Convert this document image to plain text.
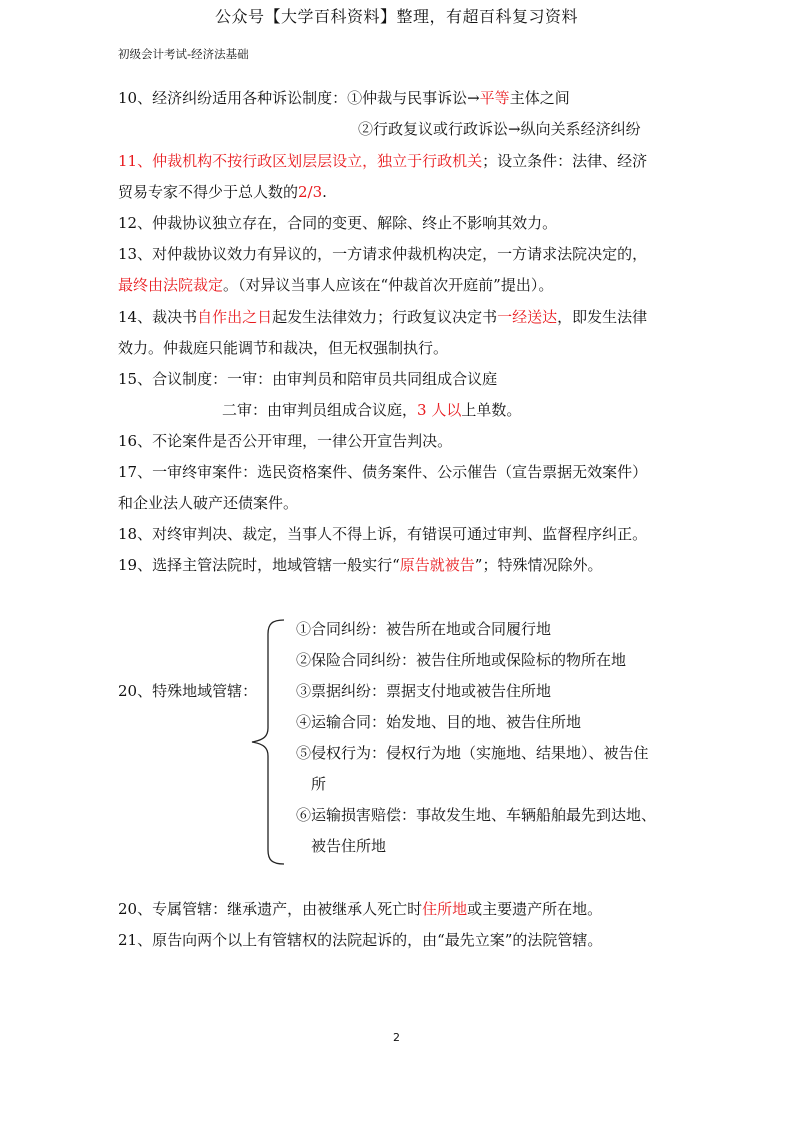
公众号【大学百科资料】整理，有超百科复习资料
初级会计考试-经济法基础
10、经济纠纷适用各种诉讼制度：①仲裁与民事诉讼→平等主体之间
②行政复议或行政诉讼→纵向关系经济纠纷
11、仲裁机构不按行政区划层层设立，独立于行政机关；设立条件：法律、经济
贸易专家不得少于总人数的2/3.
12、仲裁协议独立存在，合同的变更、解除、终止不影响其效力。
13、对仲裁协议效力有异议的，一方请求仲裁机构决定，一方请求法院决定的，
最终由法院裁定。（对异议当事人应该在“仲裁首次开庭前”提出）。
14、裁决书自作出之日起发生法律效力；行政复议决定书一经送达，即发生法律
效力。仲裁庭只能调节和裁决，但无权强制执行。
15、合议制度：一审：由审判员和陪审员共同组成合议庭
二审：由审判员组成合议庭，3 人以上单数。
16、不论案件是否公开审理，一律公开宣告判决。
17、一审终审案件：选民资格案件、债务案件、公示催告（宣告票据无效案件）
和企业法人破产还债案件。
18、对终审判决、裁定，当事人不得上诉，有错误可通过审判、监督程序纠正。
19、选择主管法院时，地域管辖一般实行“原告就被告”；特殊情况除外。
20、特殊地域管辖：
①合同纠纷：被告所在地或合同履行地
②保险合同纠纷：被告住所地或保险标的物所在地
③票据纠纷：票据支付地或被告住所地
④运输合同：始发地、目的地、被告住所地
⑤侵权行为：侵权行为地（实施地、结果地）、被告住
所
⑥运输损害赔偿：事故发生地、车辆船舶最先到达地、
被告住所地
20、专属管辖：继承遗产，由被继承人死亡时住所地或主要遗产所在地。
21、原告向两个以上有管辖权的法院起诉的，由“最先立案”的法院管辖。
2
